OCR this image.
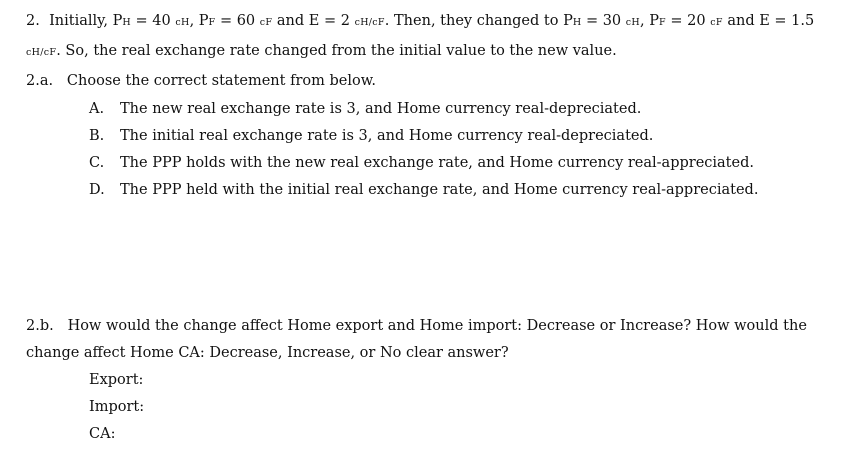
2. Initially, PH = 40 cH, PF = 60 cF and E = 2 cH/cF. Then, they changed to PH = 30 cH, PF = 20 cF and E = 1.5
cH/cF. So, the real exchange rate changed from the initial value to the new value.
2.a. Choose the correct statement from below.
A. The new real exchange rate is 3, and Home currency real-depreciated.
B. The initial real exchange rate is 3, and Home currency real-depreciated.
C. The PPP holds with the new real exchange rate, and Home currency real-appreciated.
D. The PPP held with the initial real exchange rate, and Home currency real-appreciated.
2.b. How would the change affect Home export and Home import: Decrease or Increase? How would the
change affect Home CA: Decrease, Increase, or No clear answer?
Export:
Import:
CA:
